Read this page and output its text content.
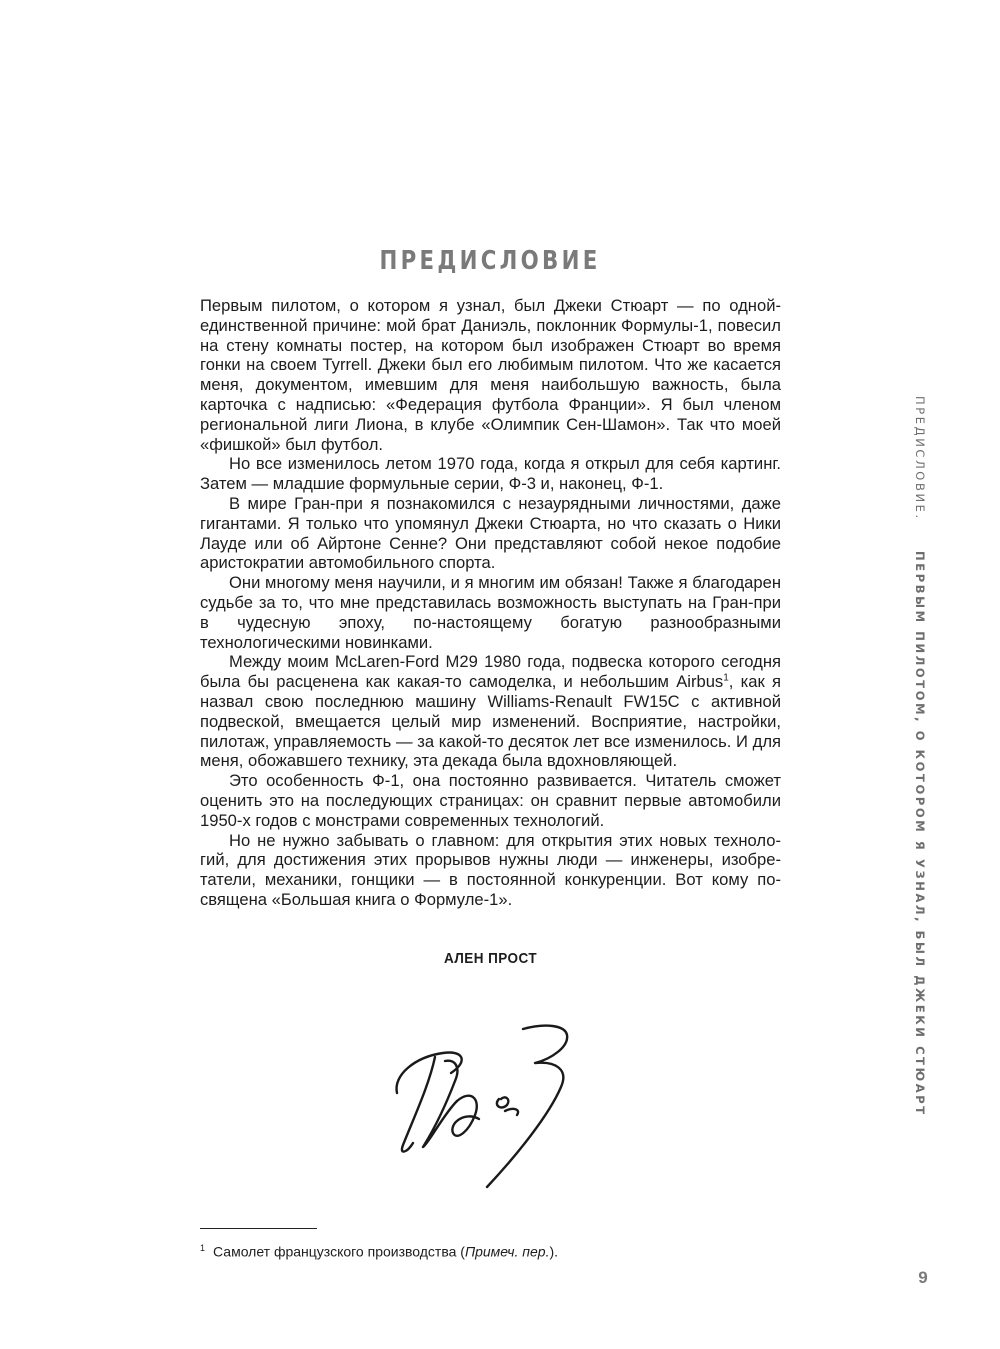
ПРЕДИСЛОВИЕ

Первым пилотом, о котором я узнал, был Джеки Стюарт — по одной-единственной причине: мой брат Даниэль, поклонник Формулы-1, повесил на стену комнаты постер, на котором был изображен Стюарт во время гонки на своем Tyrrell. Джеки был его любимым пилотом. Что же касается меня, документом, имевшим для меня наибольшую важность, была карточка с надписью: «Федерация футбола Франции». Я был членом региональной лиги Лиона, в клубе «Олимпик Сен-Шамон». Так что моей «фишкой» был футбол.

Но все изменилось летом 1970 года, когда я открыл для себя картинг. Затем — младшие формульные серии, Ф-3 и, наконец, Ф-1.

В мире Гран-при я познакомился с незаурядными личностями, даже гигантами. Я только что упомянул Джеки Стюарта, но что сказать о Ники Лауде или об Айртоне Сенне? Они представляют собой некое подобие аристократии автомобильного спорта.

Они многому меня научили, и я многим им обязан! Также я благодарен судьбе за то, что мне представилась возможность выступать на Гран-при в чудесную эпоху, по-настоящему богатую разнообразными технологическими новинками.

Между моим McLaren-Ford M29 1980 года, подвеска которого сегодня была бы расценена как какая-то самоделка, и небольшим Airbus$^1$, как я назвал свою последнюю машину Williams-Renault FW15C с активной подвеской, вмещается целый мир изменений. Восприятие, настройки, пилотаж, управляемость — за какой-то десяток лет все изменилось. И для меня, обожавшего технику, эта декада была вдохновляющей.

Это особенность Ф-1, она постоянно развивается. Читатель сможет оценить это на последующих страницах: он сравнит первые автомобили 1950-х годов с монстрами современных технологий.

Но не нужно забывать о главном: для открытия этих новых технологий, для достижения этих прорывов нужны люди — инженеры, изобретатели, механики, гонщики — в постоянной конкуренции. Вот кому посвящена «Большая книга о Формуле-1».

АЛЕН ПРОСТ

$^1$ Самолет французского производства (Примеч. пер.).

ПРЕДИСЛОВИЕ. ПЕРВЫМ ПИЛОТОМ, О КОТОРОМ Я УЗНАЛ, БЫЛ ДЖЕКИ СТЮАРТ

9
